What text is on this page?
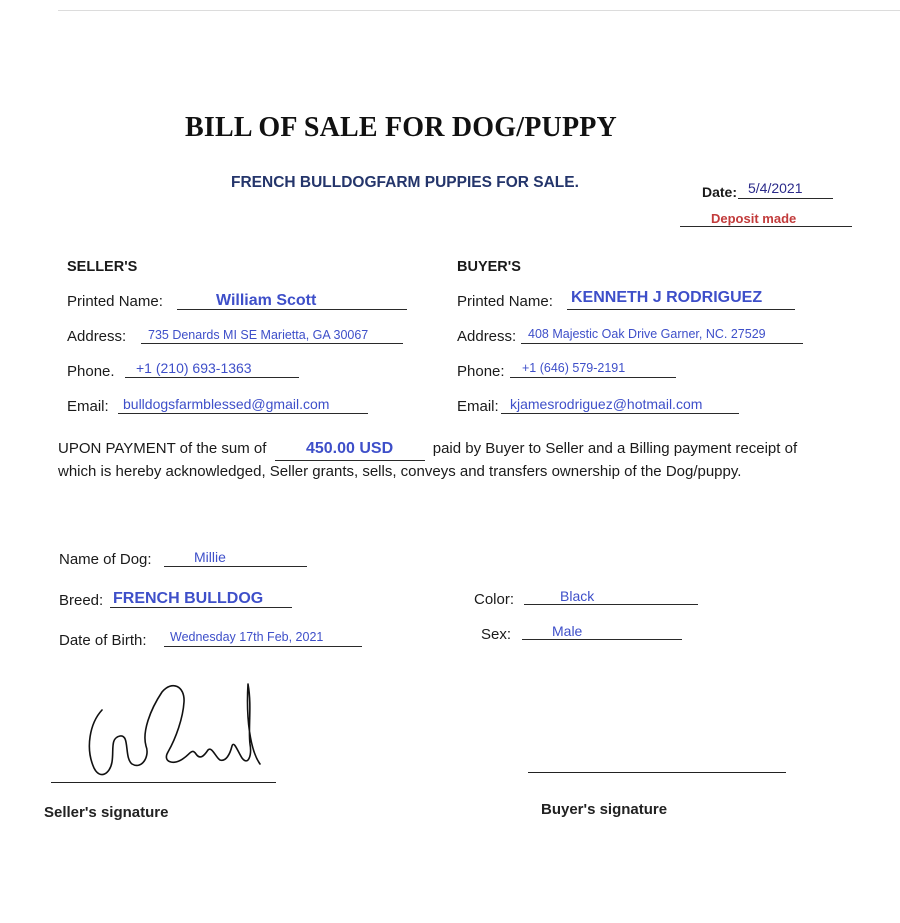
BILL OF SALE FOR DOG/PUPPY
FRENCH BULLDOGFARM PUPPIES FOR SALE.
Date: 5/4/2021
Deposit made
SELLER'S
Printed Name:	William Scott
Address: 735 Denards MI SE Marietta, GA 30067
Phone. +1 (210) 693-1363
Email: bulldogsfarmblessed@gmail.com
BUYER'S
Printed Name: KENNETH J RODRIGUEZ
Address: 408 Majestic Oak Drive Garner, NC. 27529
Phone: +1 (646) 579-2191
Email: kjamesrodriguez@hotmail.com
UPON PAYMENT of the sum of 450.00 USD	paid by Buyer to Seller and a Billing payment receipt of which is hereby acknowledged, Seller grants, sells, conveys and transfers ownership of the Dog/puppy.
Name of Dog:	Millie
Breed: FRENCH BULLDOG
Date of Birth: Wednesday 17th Feb, 2021
Color:	Black
Sex:	Male
Seller's signature	Buyer's signature
